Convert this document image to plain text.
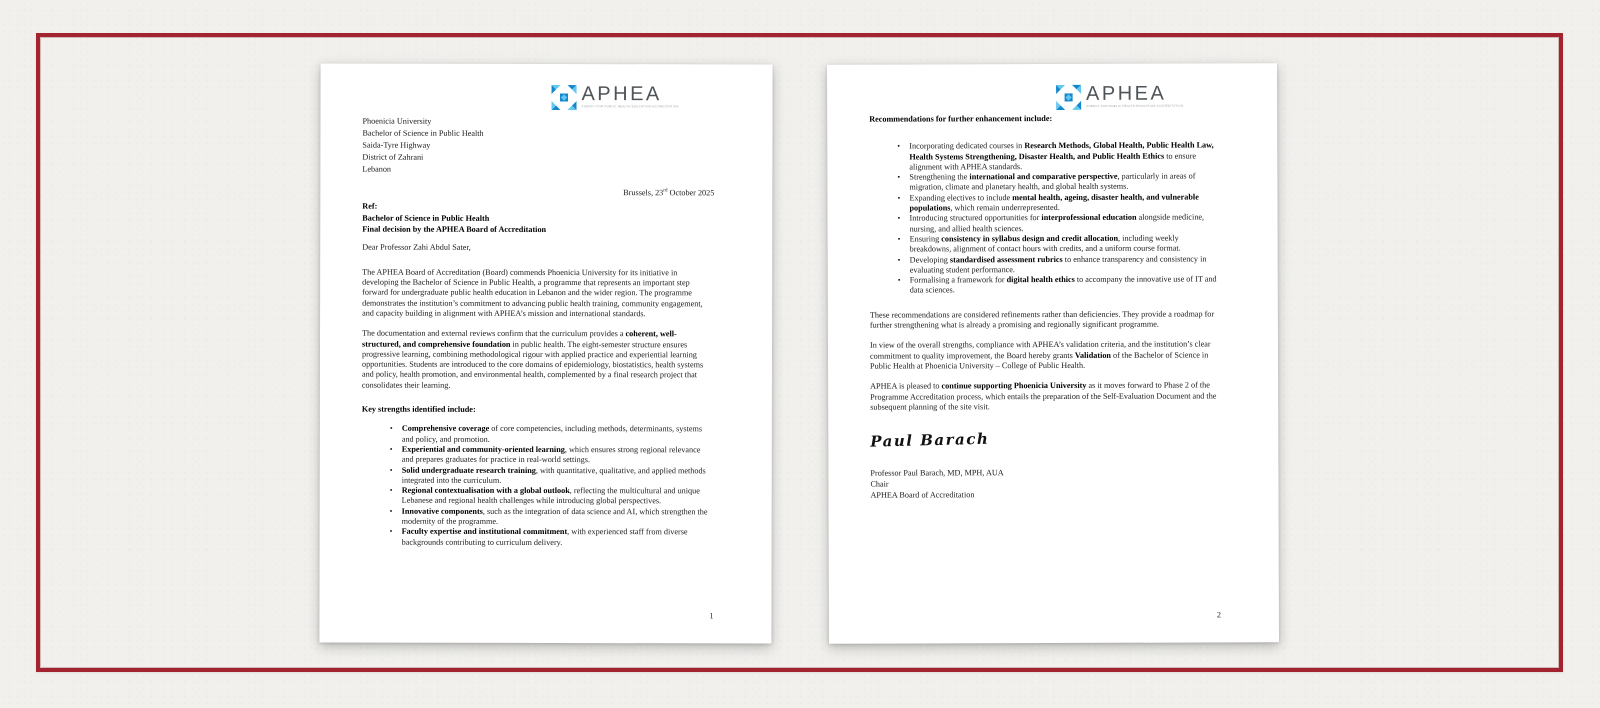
APHEA
AGENCY FOR PUBLIC HEALTH EDUCATION ACCREDITATION
Phoenicia University
Bachelor of Science in Public Health
Saida-Tyre Highway
District of Zahrani
Lebanon
Brussels, 23rd October 2025
Ref:
Bachelor of Science in Public Health
Final decision by the APHEA Board of Accreditation
Dear Professor Zahi Abdul Sater,

The APHEA Board of Accreditation (Board) commends Phoenicia University for its initiative in developing the Bachelor of Science in Public Health, a programme that represents an important step forward for undergraduate public health education in Lebanon and the wider region. The programme demonstrates the institution’s commitment to advancing public health training, community engagement, and capacity building in alignment with APHEA’s mission and international standards.

The documentation and external reviews confirm that the curriculum provides a coherent, well-structured, and comprehensive foundation in public health. The eight-semester structure ensures progressive learning, combining methodological rigour with applied practice and experiential learning opportunities. Students are introduced to the core domains of epidemiology, biostatistics, health systems and policy, health promotion, and environmental health, complemented by a final research project that consolidates their learning.

Key strengths identified include:
• Comprehensive coverage of core competencies, including methods, determinants, systems and policy, and promotion.
• Experiential and community-oriented learning, which ensures strong regional relevance and prepares graduates for practice in real-world settings.
• Solid undergraduate research training, with quantitative, qualitative, and applied methods integrated into the curriculum.
• Regional contextualisation with a global outlook, reflecting the multicultural and unique Lebanese and regional health challenges while introducing global perspectives.
• Innovative components, such as the integration of data science and AI, which strengthen the modernity of the programme.
• Faculty expertise and institutional commitment, with experienced staff from diverse backgrounds contributing to curriculum delivery.
1
APHEA
AGENCY FOR PUBLIC HEALTH EDUCATION ACCREDITATION
Recommendations for further enhancement include:
• Incorporating dedicated courses in Research Methods, Global Health, Public Health Law, Health Systems Strengthening, Disaster Health, and Public Health Ethics to ensure alignment with APHEA standards.
• Strengthening the international and comparative perspective, particularly in areas of migration, climate and planetary health, and global health systems.
• Expanding electives to include mental health, ageing, disaster health, and vulnerable populations, which remain underrepresented.
• Introducing structured opportunities for interprofessional education alongside medicine, nursing, and allied health sciences.
• Ensuring consistency in syllabus design and credit allocation, including weekly breakdowns, alignment of contact hours with credits, and a uniform course format.
• Developing standardised assessment rubrics to enhance transparency and consistency in evaluating student performance.
• Formalising a framework for digital health ethics to accompany the innovative use of IT and data sciences.

These recommendations are considered refinements rather than deficiencies. They provide a roadmap for further strengthening what is already a promising and regionally significant programme.

In view of the overall strengths, compliance with APHEA’s validation criteria, and the institution’s clear commitment to quality improvement, the Board hereby grants Validation of the Bachelor of Science in Public Health at Phoenicia University – College of Public Health.

APHEA is pleased to continue supporting Phoenicia University as it moves forward to Phase 2 of the Programme Accreditation process, which entails the preparation of the Self-Evaluation Document and the subsequent planning of the site visit.

Paul Barach
Professor Paul Barach, MD, MPH, AUA
Chair
APHEA Board of Accreditation
2
